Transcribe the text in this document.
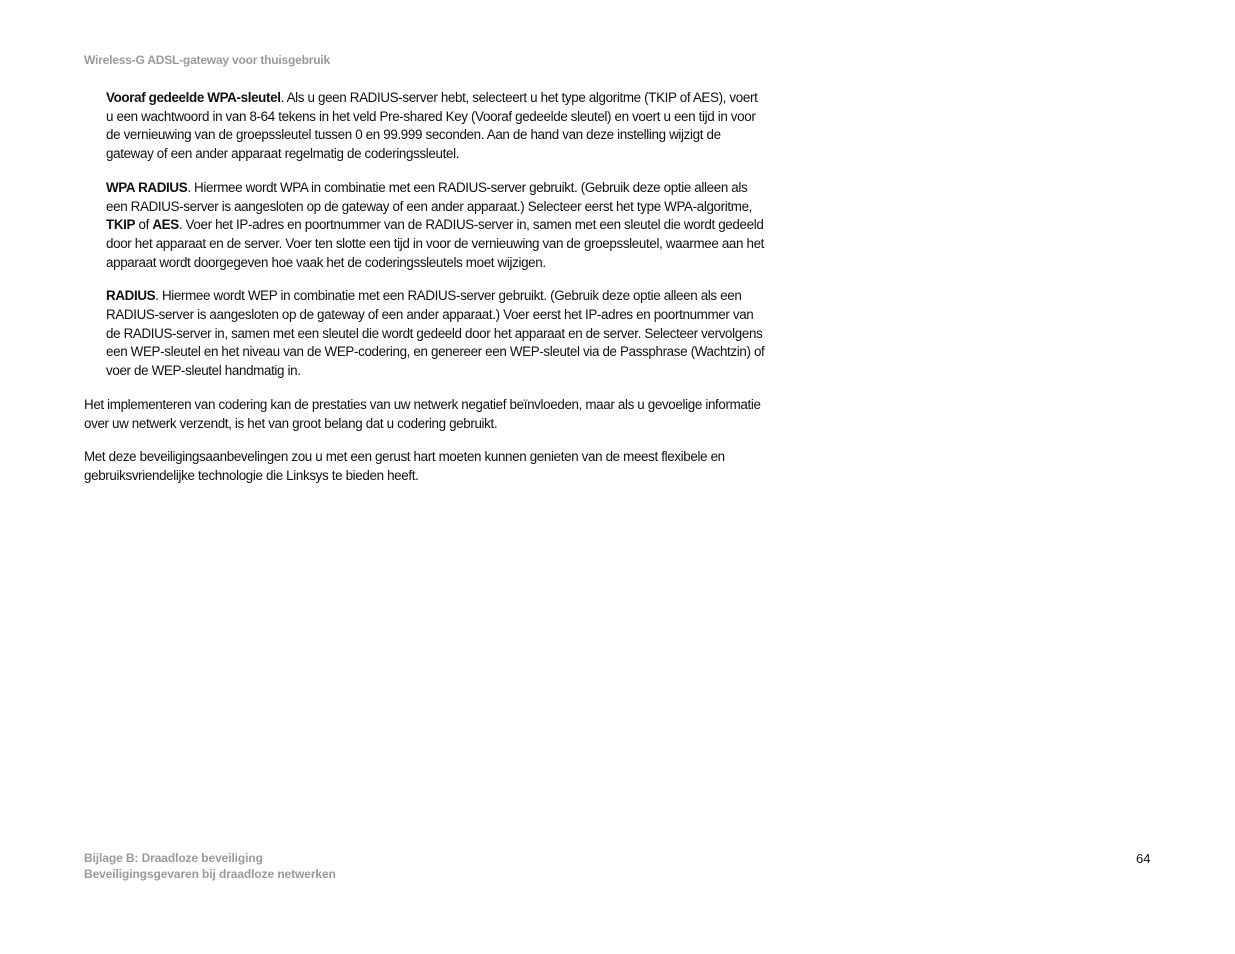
Wireless-G ADSL-gateway voor thuisgebruik

Vooraf gedeelde WPA-sleutel. Als u geen RADIUS-server hebt, selecteert u het type algoritme (TKIP of AES), voert u een wachtwoord in van 8-64 tekens in het veld Pre-shared Key (Vooraf gedeelde sleutel) en voert u een tijd in voor de vernieuwing van de groepssleutel tussen 0 en 99.999 seconden. Aan de hand van deze instelling wijzigt de gateway of een ander apparaat regelmatig de coderingssleutel.

WPA RADIUS. Hiermee wordt WPA in combinatie met een RADIUS-server gebruikt. (Gebruik deze optie alleen als een RADIUS-server is aangesloten op de gateway of een ander apparaat.) Selecteer eerst het type WPA-algoritme, TKIP of AES. Voer het IP-adres en poortnummer van de RADIUS-server in, samen met een sleutel die wordt gedeeld door het apparaat en de server. Voer ten slotte een tijd in voor de vernieuwing van de groepssleutel, waarmee aan het apparaat wordt doorgegeven hoe vaak het de coderingssleutels moet wijzigen.

RADIUS. Hiermee wordt WEP in combinatie met een RADIUS-server gebruikt. (Gebruik deze optie alleen als een RADIUS-server is aangesloten op de gateway of een ander apparaat.) Voer eerst het IP-adres en poortnummer van de RADIUS-server in, samen met een sleutel die wordt gedeeld door het apparaat en de server. Selecteer vervolgens een WEP-sleutel en het niveau van de WEP-codering, en genereer een WEP-sleutel via de Passphrase (Wachtzin) of voer de WEP-sleutel handmatig in.

Het implementeren van codering kan de prestaties van uw netwerk negatief beïnvloeden, maar als u gevoelige informatie over uw netwerk verzendt, is het van groot belang dat u codering gebruikt.

Met deze beveiligingsaanbevelingen zou u met een gerust hart moeten kunnen genieten van de meest flexibele en gebruiksvriendelijke technologie die Linksys te bieden heeft.

Bijlage B: Draadloze beveiliging
Beveiligingsgevaren bij draadloze netwerken
64
